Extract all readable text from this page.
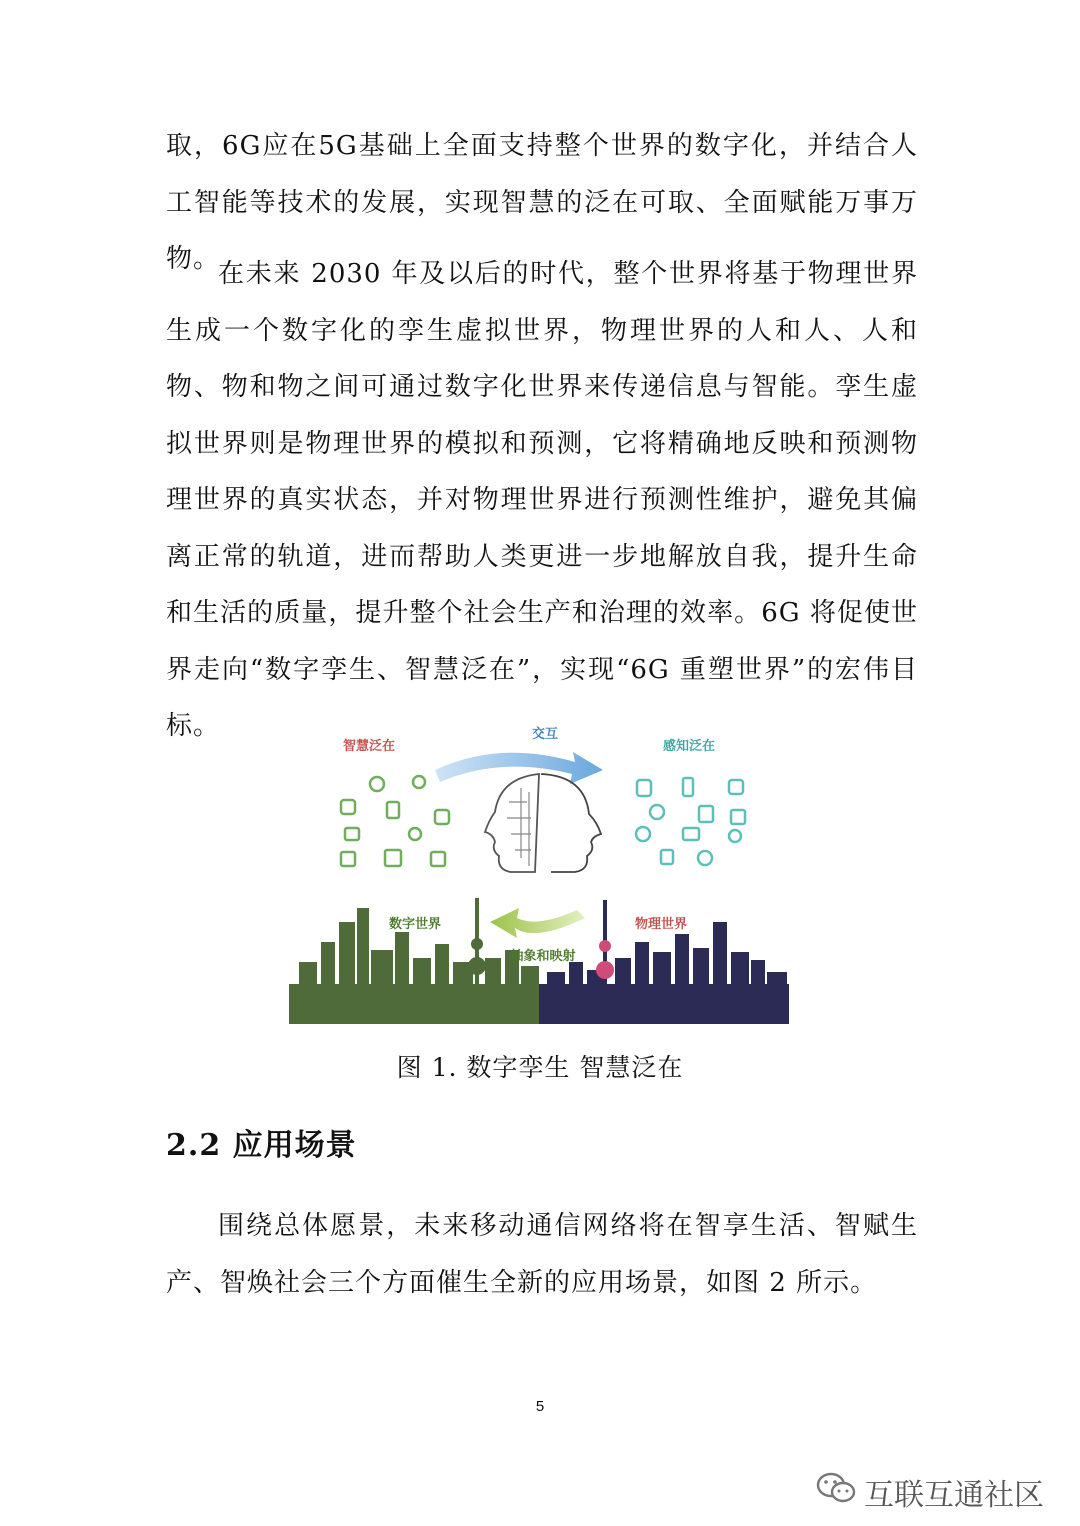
取，6G应在5G基础上全面支持整个世界的数字化，并结合人工智能等技术的发展，实现智慧的泛在可取、全面赋能万事万物。

在未来 2030 年及以后的时代，整个世界将基于物理世界生成一个数字化的孪生虚拟世界，物理世界的人和人、人和物、物和物之间可通过数字化世界来传递信息与智能。孪生虚拟世界则是物理世界的模拟和预测，它将精确地反映和预测物理世界的真实状态，并对物理世界进行预测性维护，避免其偏离正常的轨道，进而帮助人类更进一步地解放自我，提升生命和生活的质量，提升整个社会生产和治理的效率。6G 将促使世界走向“数字孪生、智慧泛在”，实现“6G 重塑世界”的宏伟目标。

智慧泛在
交互
感知泛在
数字世界	物理世界
抽象和映射
图 1. 数字孪生 智慧泛在
2.2 应用场景

围绕总体愿景，未来移动通信网络将在智享生活、智赋生产、智焕社会三个方面催生全新的应用场景，如图 2 所示。

5
互联互通社区
